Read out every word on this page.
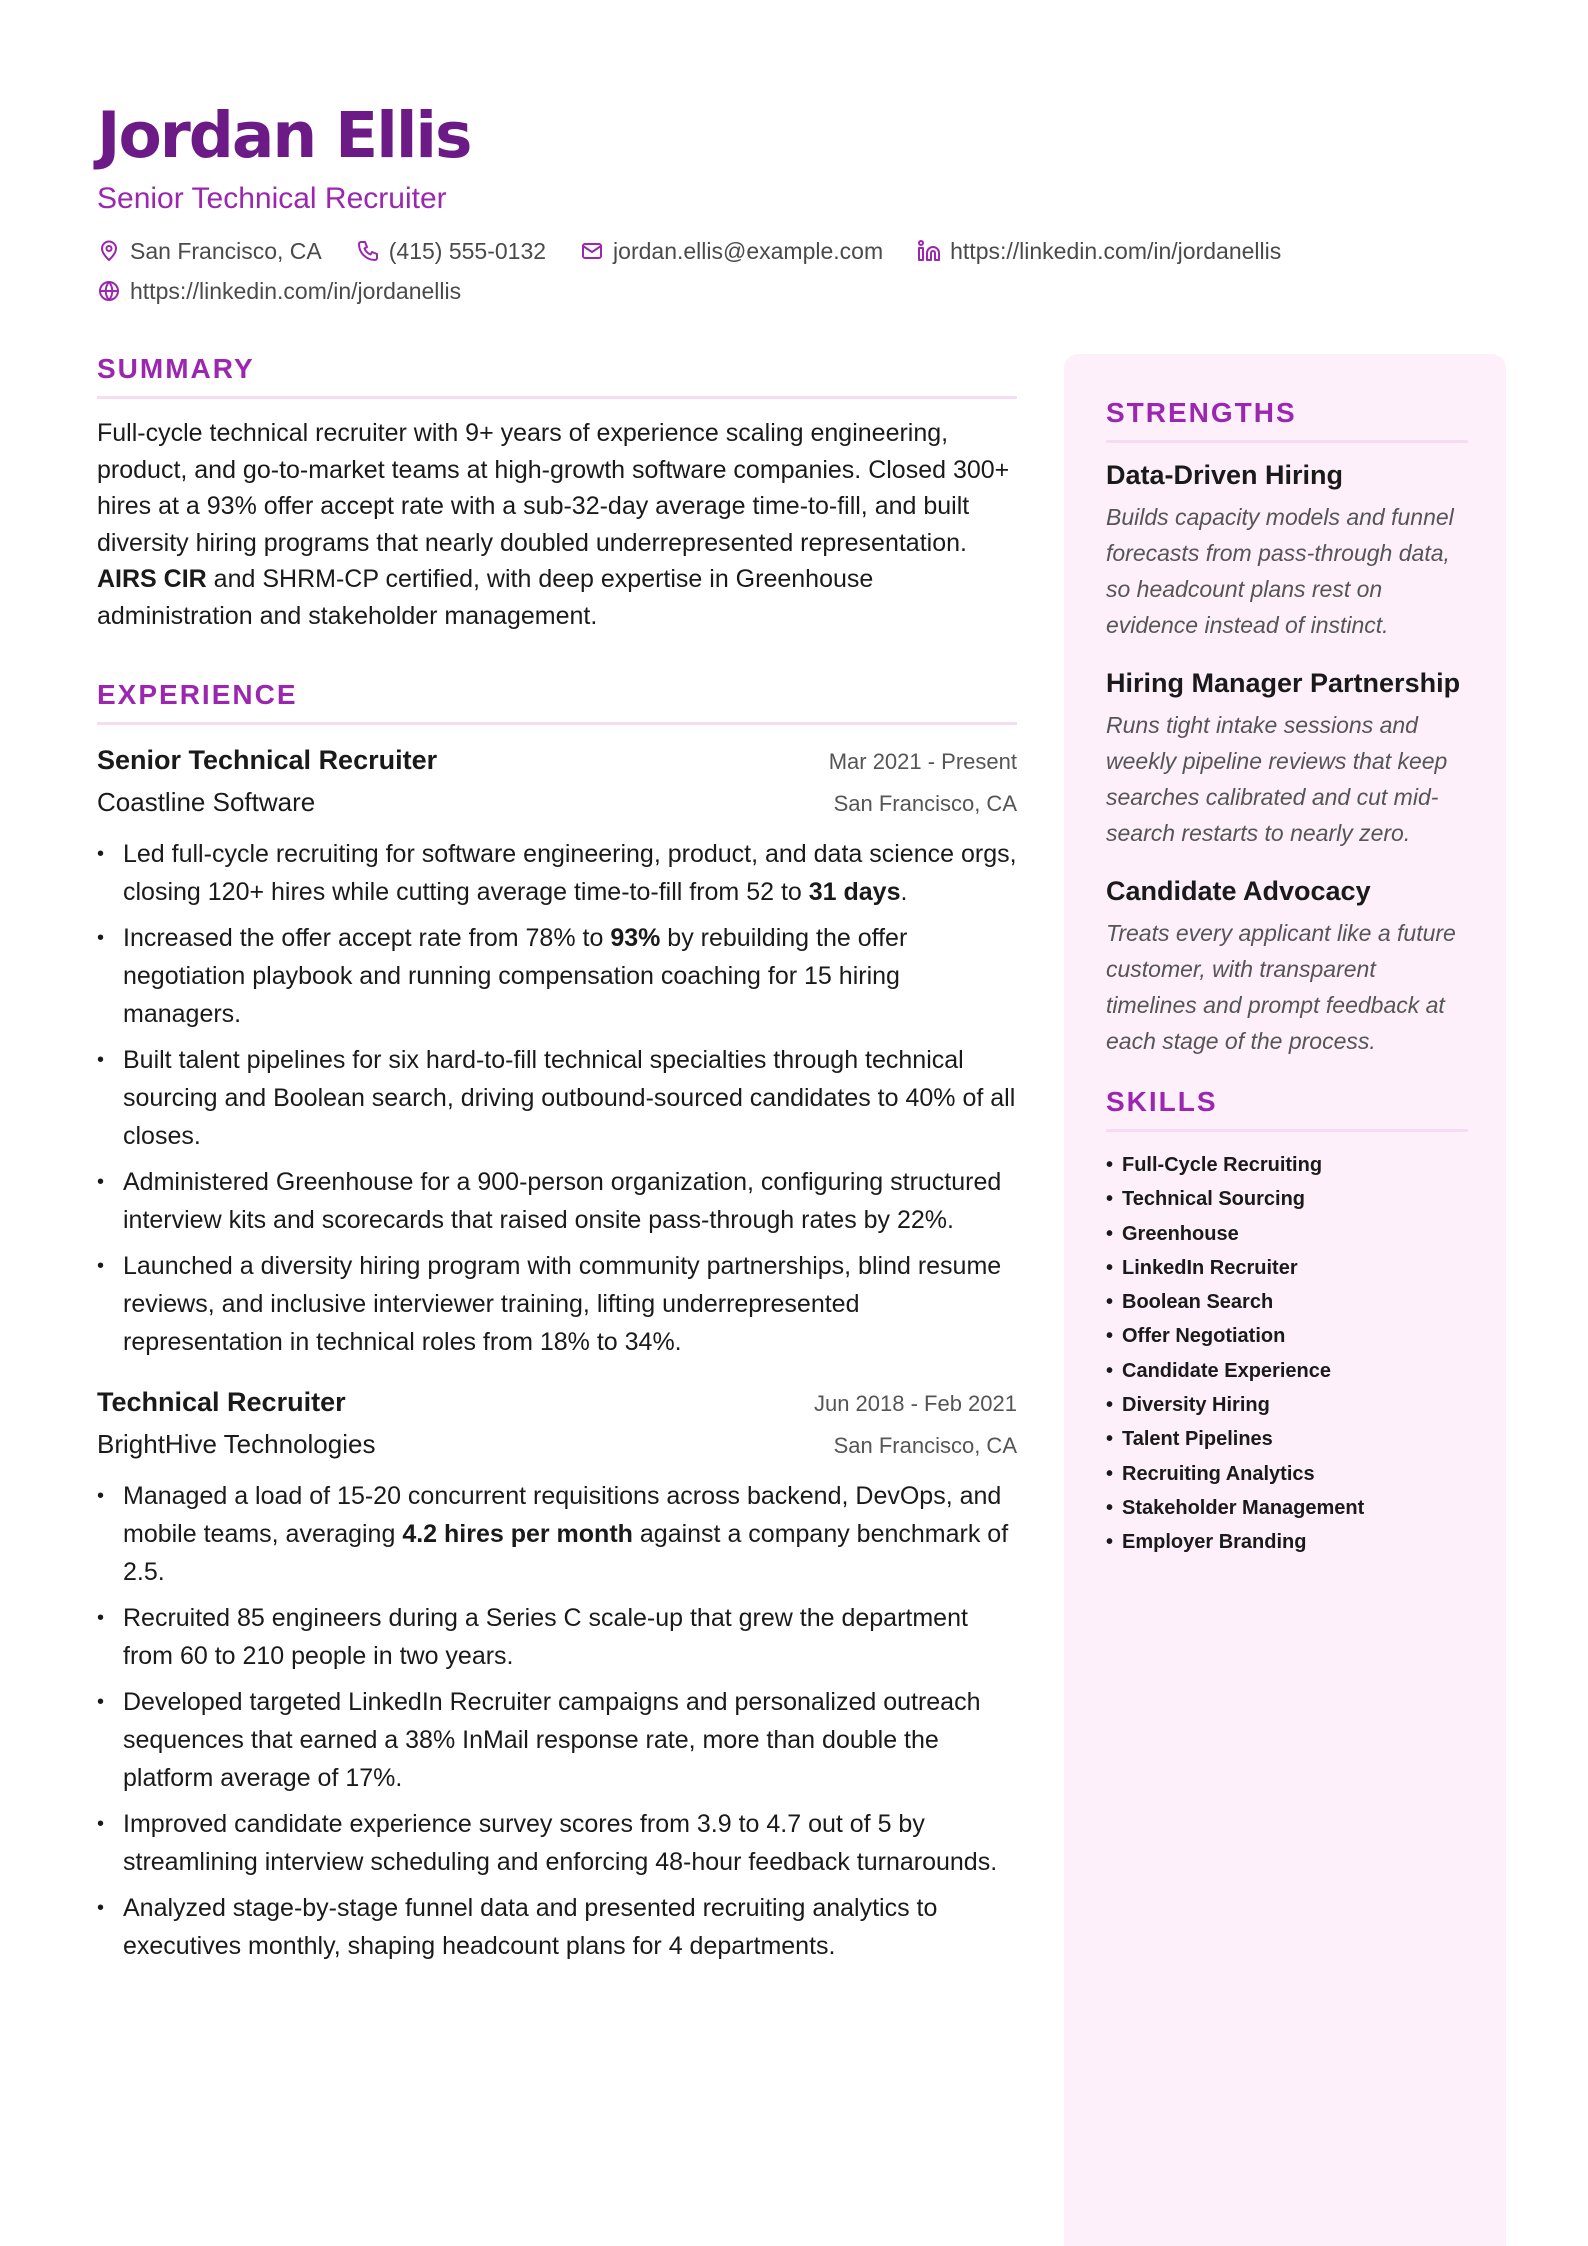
Jordan Ellis
Senior Technical Recruiter
San Francisco, CA	(415) 555-0132	jordan.ellis@example.com	https://linkedin.com/in/jordanellis
https://linkedin.com/in/jordanellis
SUMMARY

Full-cycle technical recruiter with 9+ years of experience scaling engineering, product, and go-to-market teams at high-growth software companies. Closed 300+ hires at a 93% offer accept rate with a sub-32-day average time-to-fill, and built diversity hiring programs that nearly doubled underrepresented representation. AIRS CIR and SHRM-CP certified, with deep expertise in Greenhouse administration and stakeholder management.

EXPERIENCE
Senior Technical Recruiter	Mar 2021 - Present
Coastline Software	San Francisco, CA
• Led full-cycle recruiting for software engineering, product, and data science orgs, closing 120+ hires while cutting average time-to-fill from 52 to 31 days.
• Increased the offer accept rate from 78% to 93% by rebuilding the offer negotiation playbook and running compensation coaching for 15 hiring managers.
• Built talent pipelines for six hard-to-fill technical specialties through technical sourcing and Boolean search, driving outbound-sourced candidates to 40% of all closes.
• Administered Greenhouse for a 900-person organization, configuring structured interview kits and scorecards that raised onsite pass-through rates by 22%.
• Launched a diversity hiring program with community partnerships, blind resume reviews, and inclusive interviewer training, lifting underrepresented representation in technical roles from 18% to 34%.
Technical Recruiter	Jun 2018 - Feb 2021
BrightHive Technologies	San Francisco, CA
• Managed a load of 15-20 concurrent requisitions across backend, DevOps, and mobile teams, averaging 4.2 hires per month against a company benchmark of 2.5.
• Recruited 85 engineers during a Series C scale-up that grew the department from 60 to 210 people in two years.
• Developed targeted LinkedIn Recruiter campaigns and personalized outreach sequences that earned a 38% InMail response rate, more than double the platform average of 17%.
• Improved candidate experience survey scores from 3.9 to 4.7 out of 5 by streamlining interview scheduling and enforcing 48-hour feedback turnarounds.
• Analyzed stage-by-stage funnel data and presented recruiting analytics to executives monthly, shaping headcount plans for 4 departments.
STRENGTHS
Data-Driven Hiring
Builds capacity models and funnel forecasts from pass-through data, so headcount plans rest on evidence instead of instinct.
Hiring Manager Partnership
Runs tight intake sessions and weekly pipeline reviews that keep searches calibrated and cut mid-search restarts to nearly zero.
Candidate Advocacy
Treats every applicant like a future customer, with transparent timelines and prompt feedback at each stage of the process.
SKILLS
• Full-Cycle Recruiting
• Technical Sourcing
• Greenhouse
• LinkedIn Recruiter
• Boolean Search
• Offer Negotiation
• Candidate Experience
• Diversity Hiring
• Talent Pipelines
• Recruiting Analytics
• Stakeholder Management
• Employer Branding
